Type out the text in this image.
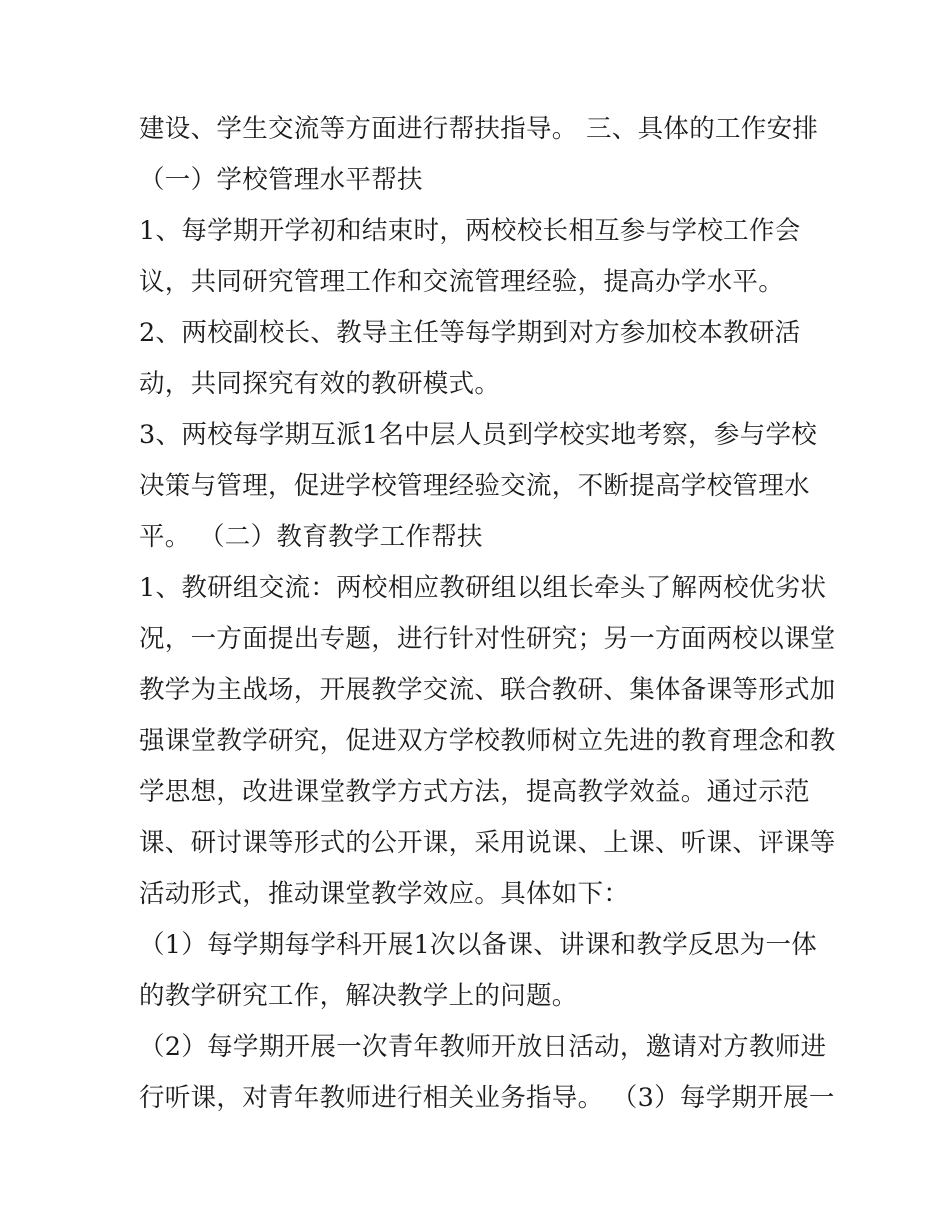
建设、学生交流等方面进行帮扶指导。 三、具体的工作安排
（一）学校管理水平帮扶
1、每学期开学初和结束时，两校校长相互参与学校工作会
议，共同研究管理工作和交流管理经验，提高办学水平。
2、两校副校长、教导主任等每学期到对方参加校本教研活
动，共同探究有效的教研模式。
3、两校每学期互派1名中层人员到学校实地考察，参与学校
决策与管理，促进学校管理经验交流，不断提高学校管理水
平。 （二）教育教学工作帮扶
1、教研组交流：两校相应教研组以组长牵头了解两校优劣状
况，一方面提出专题，进行针对性研究；另一方面两校以课堂
教学为主战场，开展教学交流、联合教研、集体备课等形式加
强课堂教学研究，促进双方学校教师树立先进的教育理念和教
学思想，改进课堂教学方式方法，提高教学效益。通过示范
课、研讨课等形式的公开课，采用说课、上课、听课、评课等
活动形式，推动课堂教学效应。具体如下：
（1）每学期每学科开展1次以备课、讲课和教学反思为一体
的教学研究工作，解决教学上的问题。
（2）每学期开展一次青年教师开放日活动，邀请对方教师进
行听课，对青年教师进行相关业务指导。 （3）每学期开展一
